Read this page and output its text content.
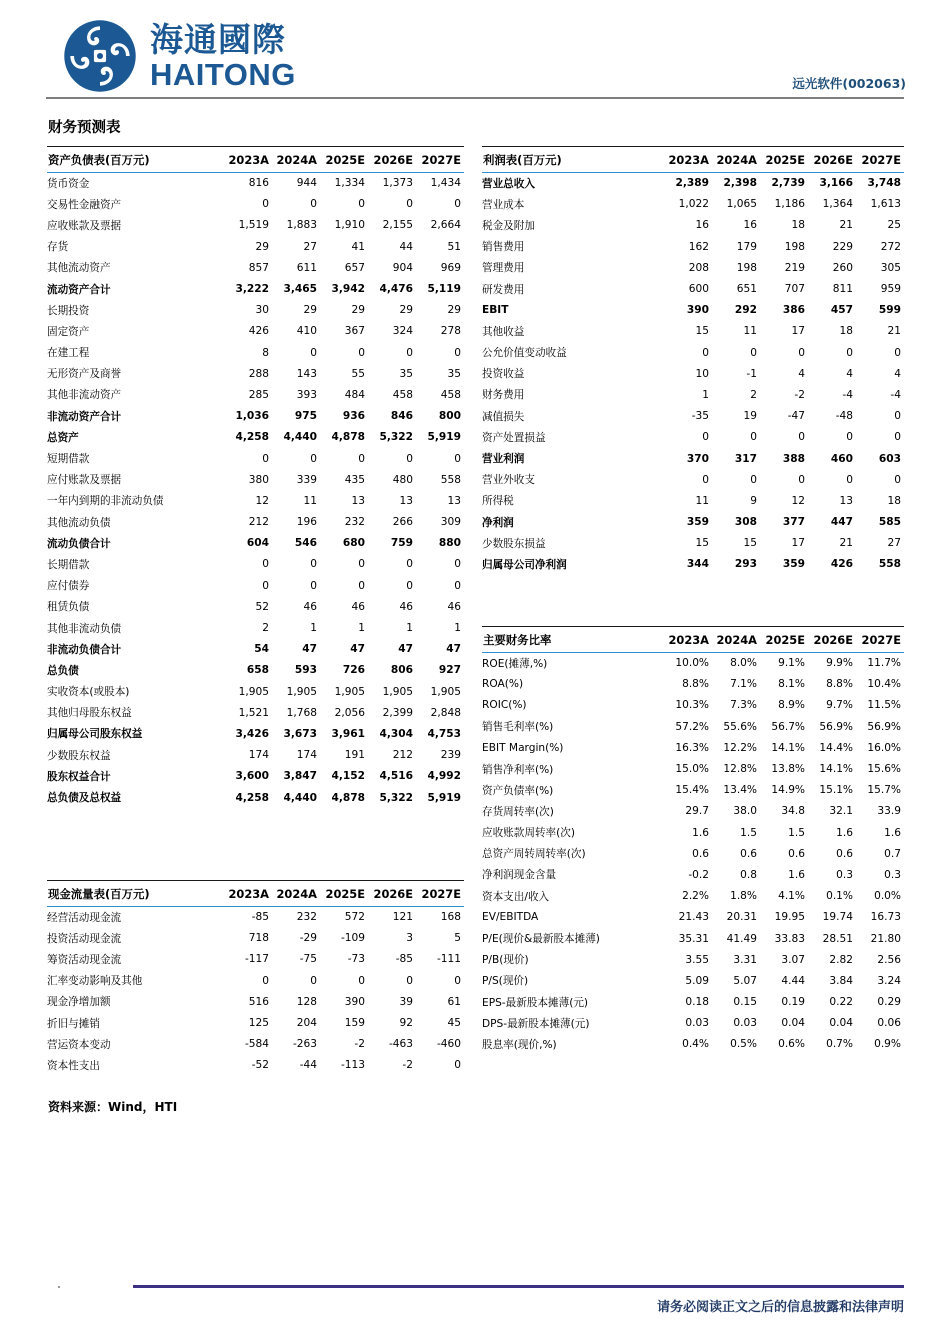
海通國際
HAITONG	远光软件(002063)
财务预测表
资产负债表(百万元)	2023A	2024A	2025E	2026E	2027E
货币资金	816	944	1,334	1,373	1,434
交易性金融资产	0	0	0	0	0
应收账款及票据	1,519	1,883	1,910	2,155	2,664
存货	29	27	41	44	51
其他流动资产	857	611	657	904	969
流动资产合计	3,222	3,465	3,942	4,476	5,119
长期投资	30	29	29	29	29
固定资产	426	410	367	324	278
在建工程	8	0	0	0	0
无形资产及商誉	288	143	55	35	35
其他非流动资产	285	393	484	458	458
非流动资产合计	1,036	975	936	846	800
总资产	4,258	4,440	4,878	5,322	5,919
短期借款	0	0	0	0	0
应付账款及票据	380	339	435	480	558
一年内到期的非流动负债	12	11	13	13	13
其他流动负债	212	196	232	266	309
流动负债合计	604	546	680	759	880
长期借款	0	0	0	0	0
应付债券	0	0	0	0	0
租赁负债	52	46	46	46	46
其他非流动负债	2	1	1	1	1
非流动负债合计	54	47	47	47	47
总负债	658	593	726	806	927
实收资本(或股本)	1,905	1,905	1,905	1,905	1,905
其他归母股东权益	1,521	1,768	2,056	2,399	2,848
归属母公司股东权益	3,426	3,673	3,961	4,304	4,753
少数股东权益	174	174	191	212	239
股东权益合计	3,600	3,847	4,152	4,516	4,992
总负债及总权益	4,258	4,440	4,878	5,322	5,919
现金流量表(百万元)	2023A	2024A	2025E	2026E	2027E
经营活动现金流	-85	232	572	121	168
投资活动现金流	718	-29	-109	3	5
筹资活动现金流	-117	-75	-73	-85	-111
汇率变动影响及其他	0	0	0	0	0
现金净增加额	516	128	390	39	61
折旧与摊销	125	204	159	92	45
营运资本变动	-584	-263	-2	-463	-460
资本性支出	-52	-44	-113	-2	0
利润表(百万元)	2023A	2024A	2025E	2026E	2027E
营业总收入	2,389	2,398	2,739	3,166	3,748
营业成本	1,022	1,065	1,186	1,364	1,613
税金及附加	16	16	18	21	25
销售费用	162	179	198	229	272
管理费用	208	198	219	260	305
研发费用	600	651	707	811	959
EBIT	390	292	386	457	599
其他收益	15	11	17	18	21
公允价值变动收益	0	0	0	0	0
投资收益	10	-1	4	4	4
财务费用	1	2	-2	-4	-4
减值损失	-35	19	-47	-48	0
资产处置损益	0	0	0	0	0
营业利润	370	317	388	460	603
营业外收支	0	0	0	0	0
所得税	11	9	12	13	18
净利润	359	308	377	447	585
少数股东损益	15	15	17	21	27
归属母公司净利润	344	293	359	426	558
主要财务比率	2023A	2024A	2025E	2026E	2027E
ROE(摊薄,%)	10.0%	8.0%	9.1%	9.9%	11.7%
ROA(%)	8.8%	7.1%	8.1%	8.8%	10.4%
ROIC(%)	10.3%	7.3%	8.9%	9.7%	11.5%
销售毛利率(%)	57.2%	55.6%	56.7%	56.9%	56.9%
EBIT Margin(%)	16.3%	12.2%	14.1%	14.4%	16.0%
销售净利率(%)	15.0%	12.8%	13.8%	14.1%	15.6%
资产负债率(%)	15.4%	13.4%	14.9%	15.1%	15.7%
存货周转率(次)	29.7	38.0	34.8	32.1	33.9
应收账款周转率(次)	1.6	1.5	1.5	1.6	1.6
总资产周转周转率(次)	0.6	0.6	0.6	0.6	0.7
净利润现金含量	-0.2	0.8	1.6	0.3	0.3
资本支出/收入	2.2%	1.8%	4.1%	0.1%	0.0%
EV/EBITDA	21.43	20.31	19.95	19.74	16.73
P/E(现价&最新股本摊薄)	35.31	41.49	33.83	28.51	21.80
P/B(现价)	3.55	3.31	3.07	2.82	2.56
P/S(现价)	5.09	5.07	4.44	3.84	3.24
EPS-最新股本摊薄(元)	0.18	0.15	0.19	0.22	0.29
DPS-最新股本摊薄(元)	0.03	0.03	0.04	0.04	0.06
股息率(现价,%)	0.4%	0.5%	0.6%	0.7%	0.9%
资料来源：Wind，HTI
请务必阅读正文之后的信息披露和法律声明
